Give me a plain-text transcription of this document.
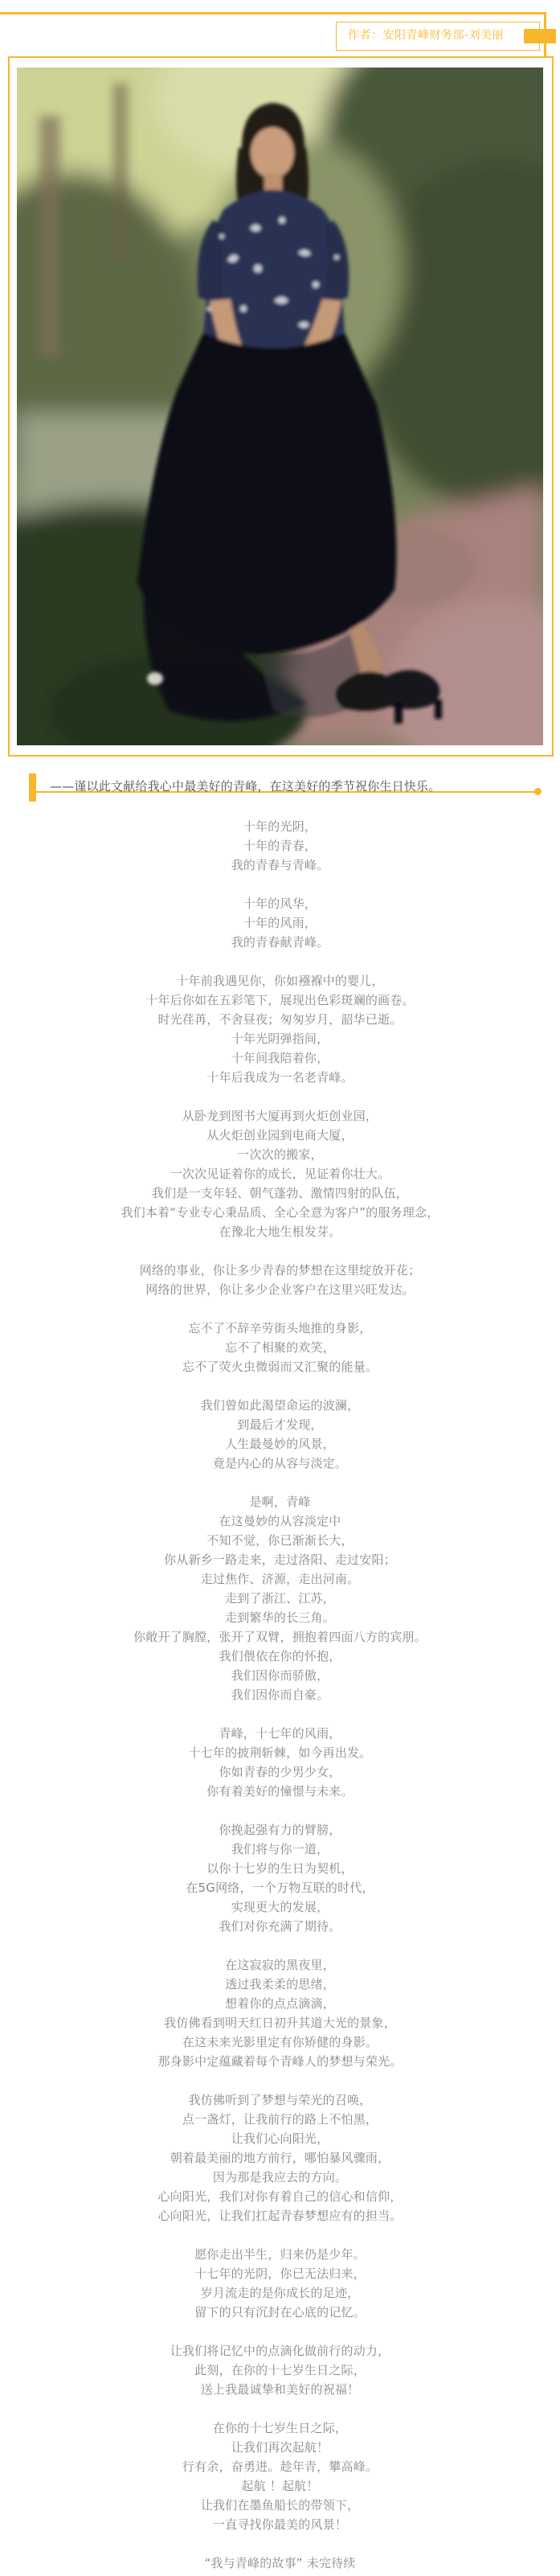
作者：安阳青峰财务部-刘美丽
——谨以此文献给我心中最美好的青峰，在这美好的季节祝你生日快乐。

十年的光阴，
十年的青春，
我的青春与青峰。

十年的风华，
十年的风雨，
我的青春献青峰。

十年前我遇见你，你如襁褓中的婴儿，
十年后你如在五彩笔下，展现出色彩斑斓的画卷。
时光荏苒，不舍昼夜；匆匆岁月，韶华已逝。
十年光阴弹指间，
十年间我陪着你，
十年后我成为一名老青峰。

从卧龙到图书大厦再到火炬创业园，
从火炬创业园到电商大厦，
一次次的搬家，
一次次见证着你的成长，见证着你壮大。
我们是一支年轻、朝气蓬勃、激情四射的队伍，
我们本着“专业专心秉品质、全心全意为客户”的服务理念，
在豫北大地生根发芽。

网络的事业，你让多少青春的梦想在这里绽放开花；
网络的世界，你让多少企业客户在这里兴旺发达。

忘不了不辞辛劳街头地推的身影，
忘不了相聚的欢笑，
忘不了荧火虫微弱而又汇聚的能量。

我们曾如此渴望命运的波澜，
到最后才发现，
人生最曼妙的风景，
竟是内心的从容与淡定。

是啊，青峰
在这曼妙的从容淡定中
不知不觉，你已渐渐长大，
你从新乡一路走来，走过洛阳、走过安阳；
走过焦作、济源，走出河南。
走到了浙江、江苏，
走到繁华的长三角。
你敞开了胸膛，张开了双臂，拥抱着四面八方的宾朋。
我们偎依在你的怀抱，
我们因你而骄傲，
我们因你而自豪。

青峰，十七年的风雨，
十七年的披荆斩棘，如今再出发。
你如青春的少男少女，
你有着美好的憧憬与未来。

你挽起强有力的臂膀，
我们将与你一道，
以你十七岁的生日为契机，
在5G网络，一个万物互联的时代，
实现更大的发展，
我们对你充满了期待。

在这寂寂的黑夜里，
透过我柔柔的思绪，
想着你的点点滴滴，
我仿佛看到明天红日初升其道大光的景象，
在这未来光影里定有你矫健的身影。
那身影中定蕴藏着每个青峰人的梦想与荣光。

我仿佛听到了梦想与荣光的召唤，
点一盏灯，让我前行的路上不怕黑，
让我们心向阳光，
朝着最美丽的地方前行，哪怕暴风骤雨，
因为那是我应去的方向。
心向阳光，我们对你有着自己的信心和信仰，
心向阳光，让我们扛起青春梦想应有的担当。

愿你走出半生，归来仍是少年。
十七年的光阴，你已无法归来，
岁月流走的是你成长的足迹，
留下的只有沉封在心底的记忆。

让我们将记忆中的点滴化做前行的动力，
此刻，在你的十七岁生日之际，
送上我最诚挚和美好的祝福！

在你的十七岁生日之际，
让我们再次起航！
行有余，奋勇进。趁年青，攀高峰。
起航 ！起航！
让我们在墨鱼船长的带领下，
一直寻找你最美的风景！

“我与青峰的故事” 未完待续
